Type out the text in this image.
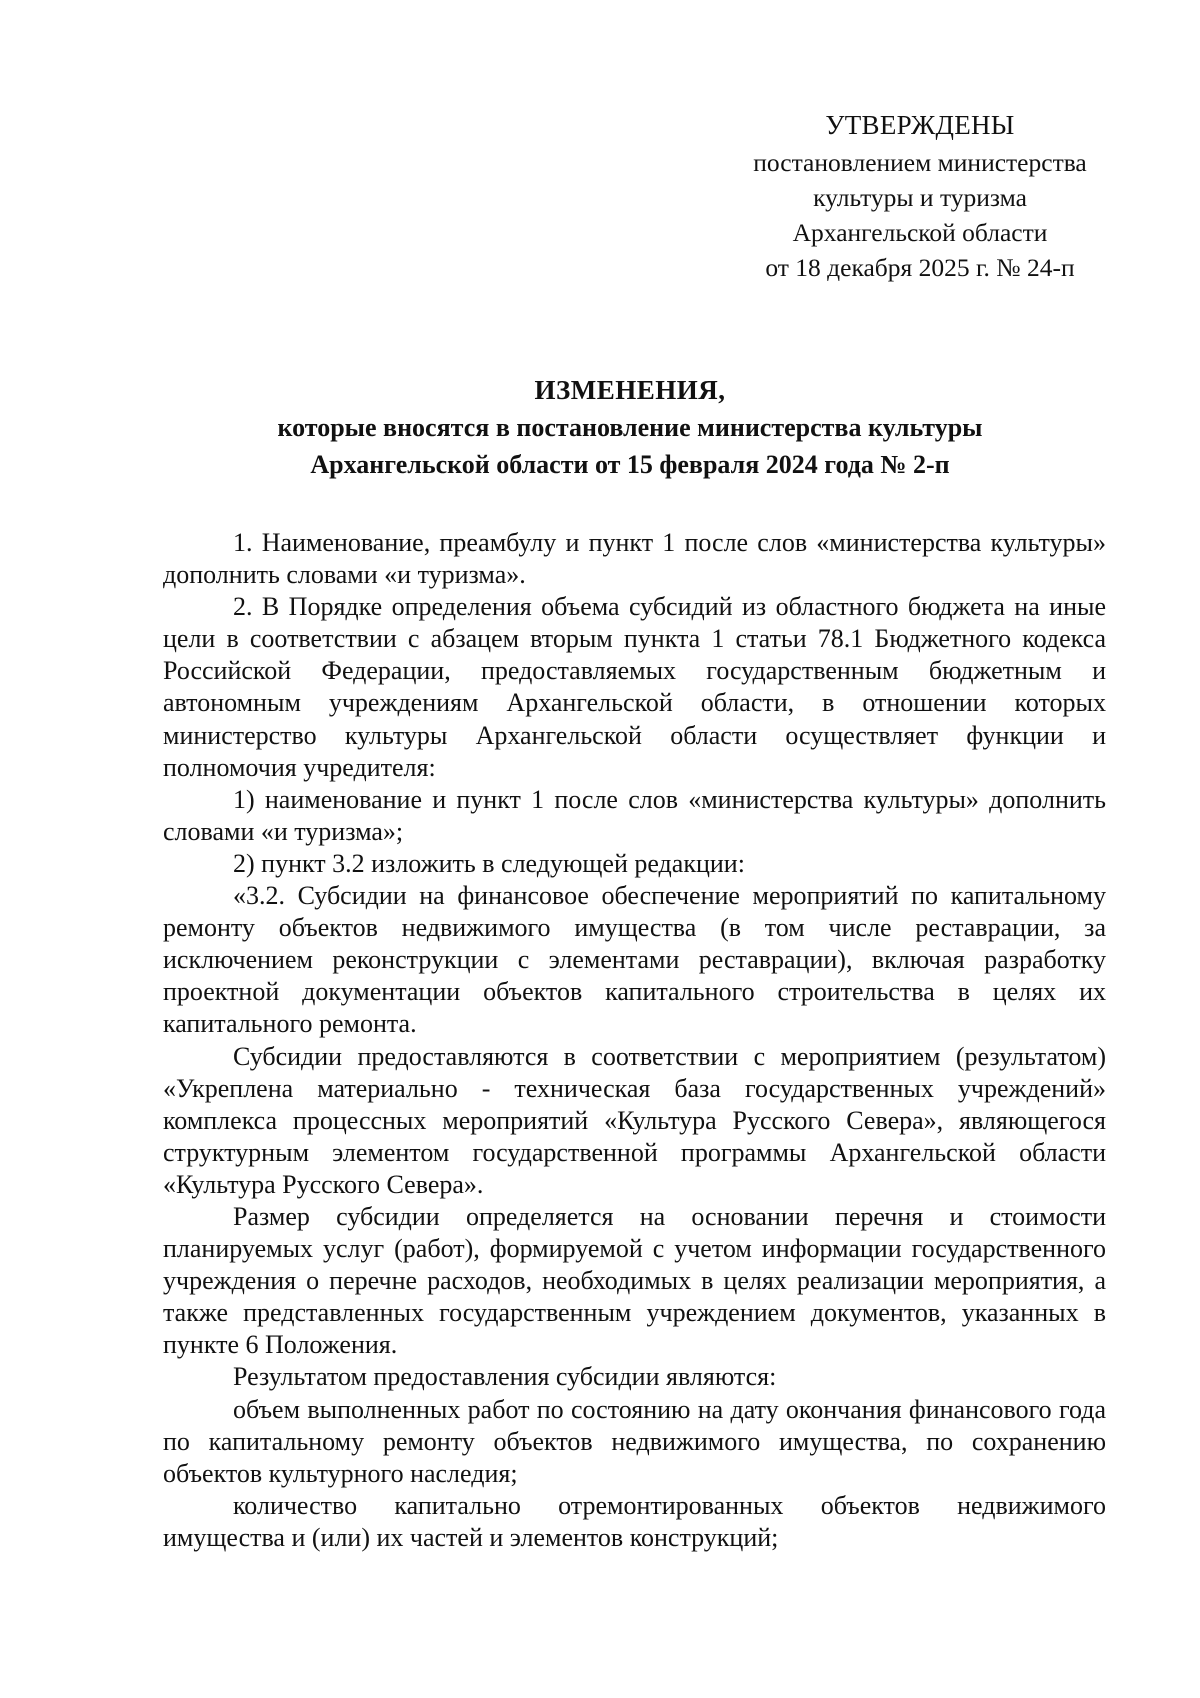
УТВЕРЖДЕНЫ
постановлением министерства
культуры и туризма
Архангельской области
от 18 декабря 2025 г. № 24-п
ИЗМЕНЕНИЯ,
которые вносятся в постановление министерства культуры
Архангельской области от 15 февраля 2024 года № 2-п

1. Наименование, преамбулу и пункт 1 после слов «министерства культуры» дополнить словами «и туризма».

2. В Порядке определения объема субсидий из областного бюджета на иные цели в соответствии с абзацем вторым пункта 1 статьи 78.1 Бюджетного кодекса Российской Федерации, предоставляемых государственным бюджетным и автономным учреждениям Архангельской области, в отношении которых министерство культуры Архангельской области осуществляет функции и полномочия учредителя:

1) наименование и пункт 1 после слов «министерства культуры» дополнить словами «и туризма»;

2) пункт 3.2 изложить в следующей редакции:

«3.2. Субсидии на финансовое обеспечение мероприятий по капитальному ремонту объектов недвижимого имущества (в том числе реставрации, за исключением реконструкции с элементами реставрации), включая разработку проектной документации объектов капитального строительства в целях их капитального ремонта.

Субсидии предоставляются в соответствии с мероприятием (результатом) «Укреплена материально - техническая база государственных учреждений» комплекса процессных мероприятий «Культура Русского Севера», являющегося структурным элементом государственной программы Архангельской области «Культура Русского Севера».

Размер субсидии определяется на основании перечня и стоимости планируемых услуг (работ), формируемой с учетом информации государственного учреждения о перечне расходов, необходимых в целях реализации мероприятия, а также представленных государственным учреждением документов, указанных в пункте 6 Положения.

Результатом предоставления субсидии являются:

объем выполненных работ по состоянию на дату окончания финансового года по капитальному ремонту объектов недвижимого имущества, по сохранению объектов культурного наследия;

количество капитально отремонтированных объектов недвижимого имущества и (или) их частей и элементов конструкций;
